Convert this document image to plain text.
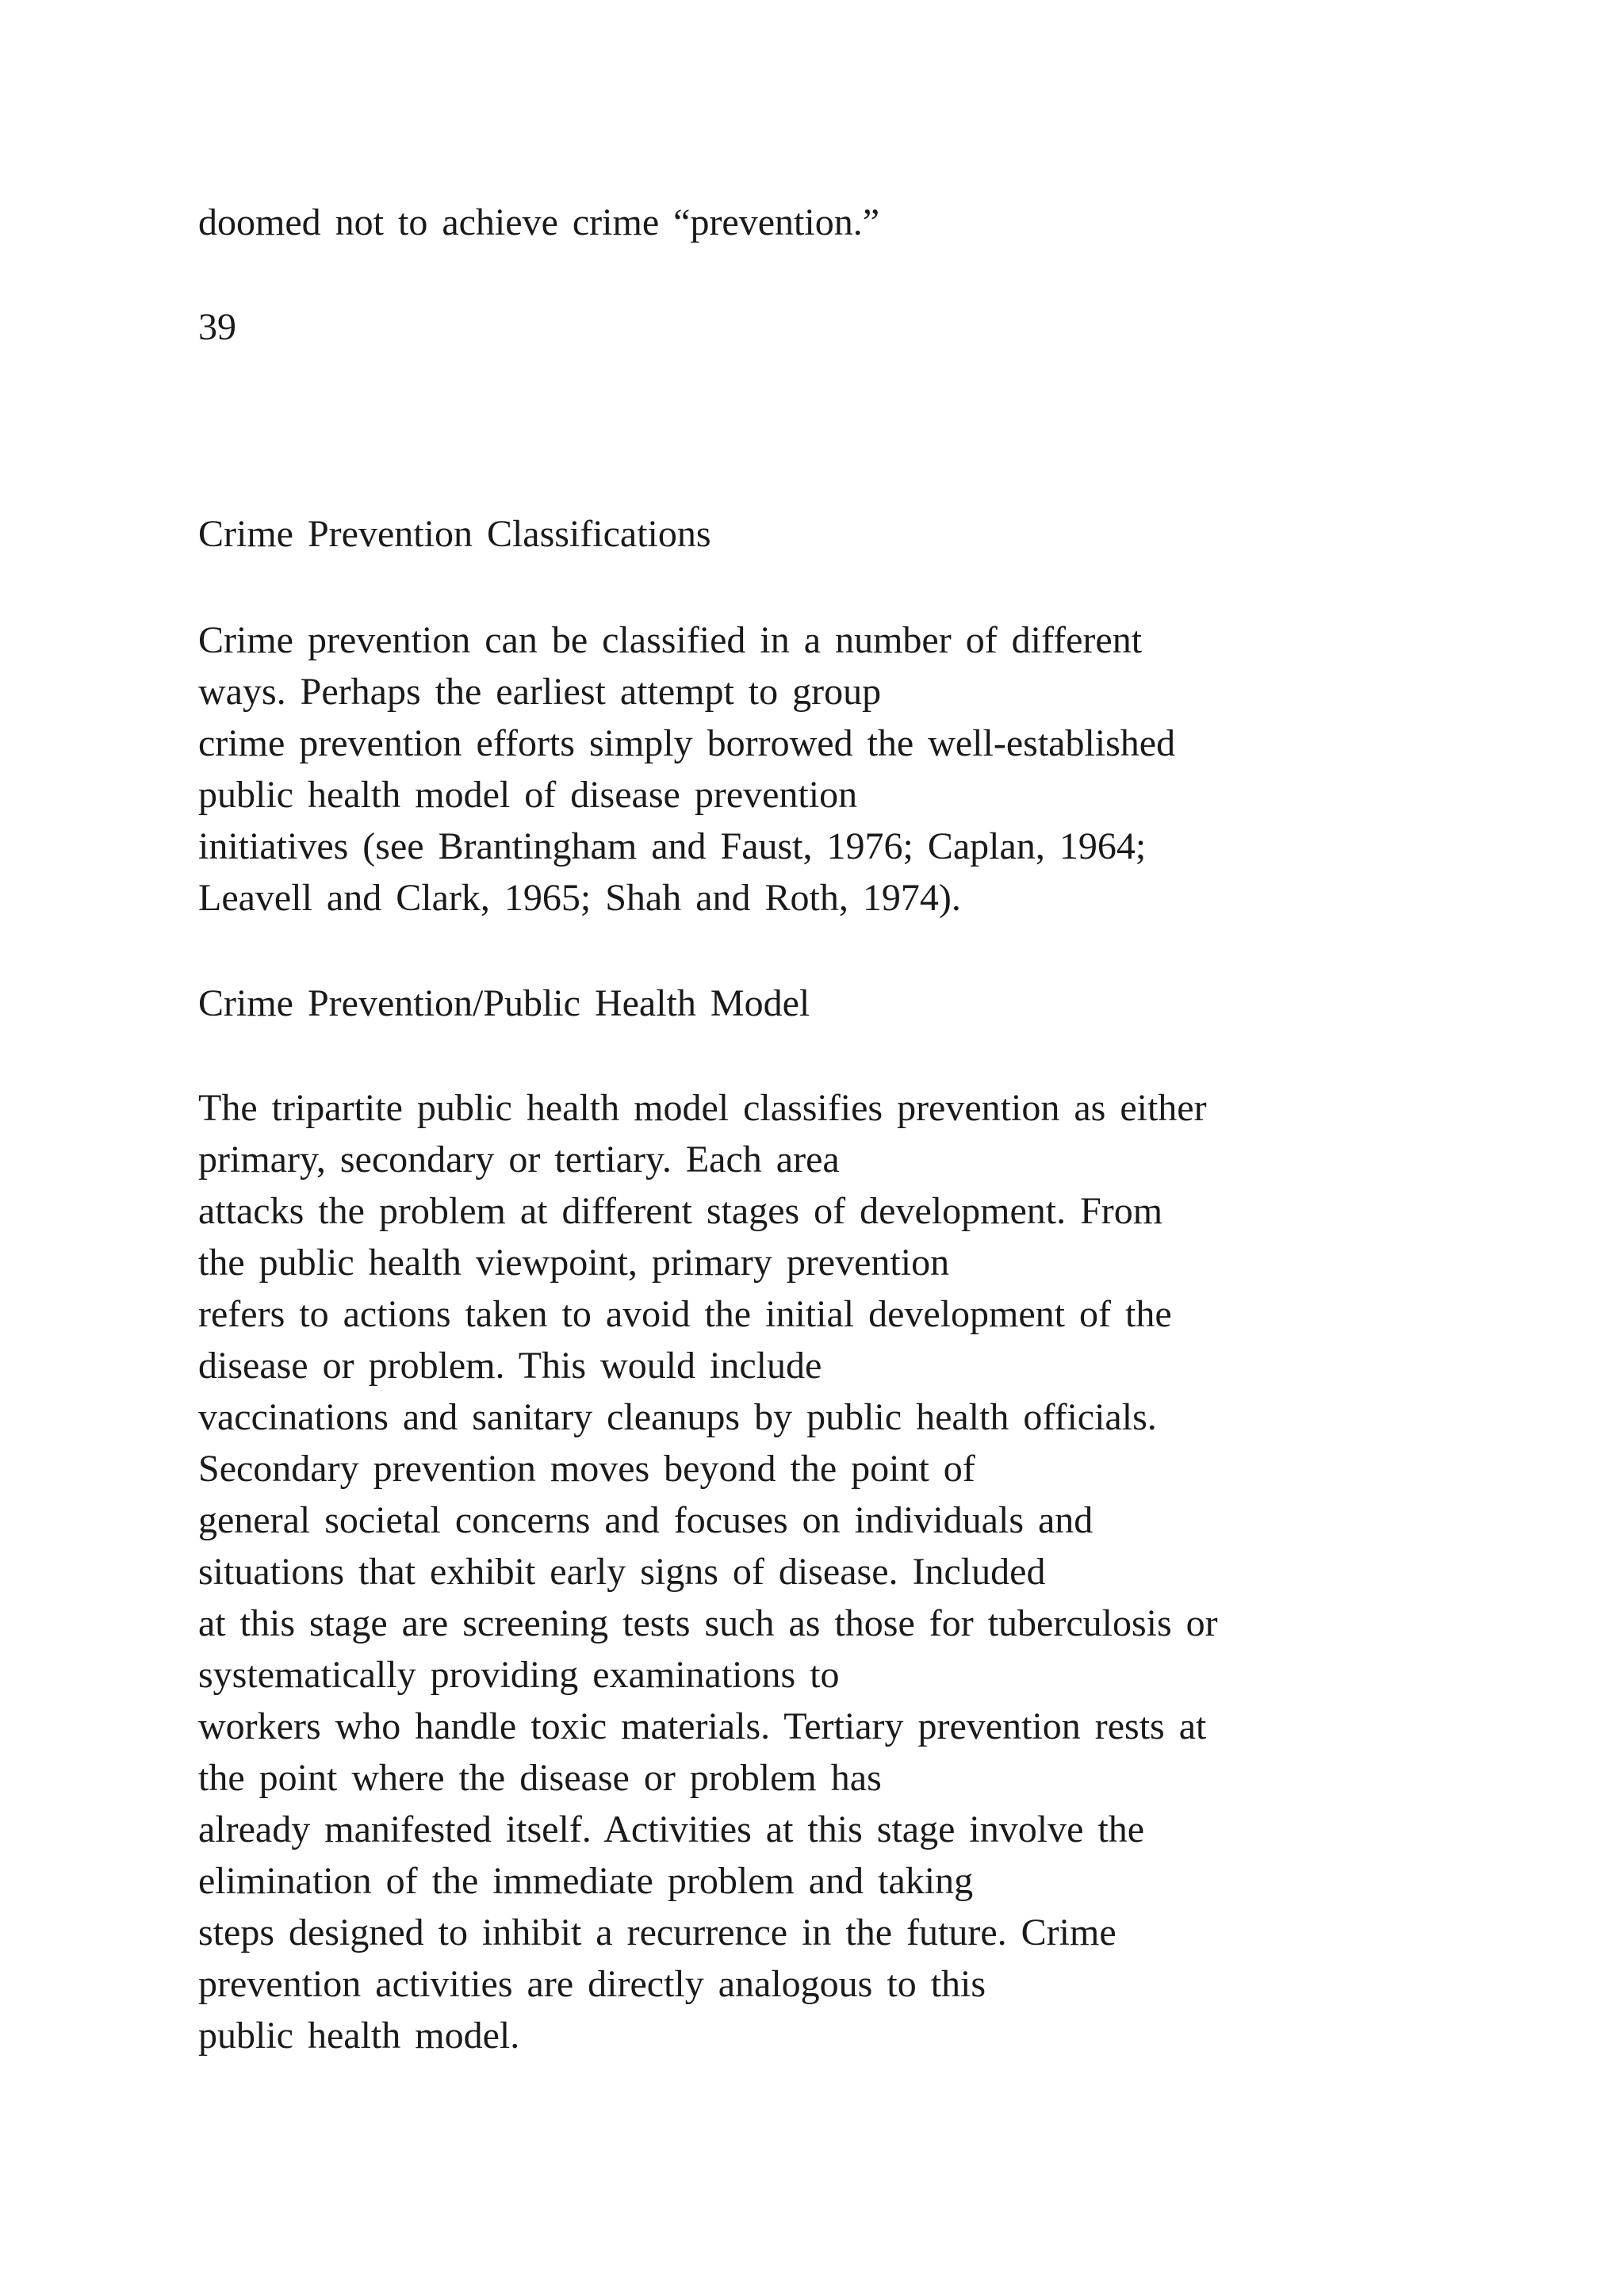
doomed not to achieve crime “prevention.”
39
Crime Prevention Classifications
Crime prevention can be classified in a number of different
ways. Perhaps the earliest attempt to group
crime prevention efforts simply borrowed the well-established
public health model of disease prevention
initiatives (see Brantingham and Faust, 1976; Caplan, 1964;
Leavell and Clark, 1965; Shah and Roth, 1974).
Crime Prevention/Public Health Model
The tripartite public health model classifies prevention as either
primary, secondary or tertiary. Each area
attacks the problem at different stages of development. From
the public health viewpoint, primary prevention
refers to actions taken to avoid the initial development of the
disease or problem. This would include
vaccinations and sanitary cleanups by public health officials.
Secondary prevention moves beyond the point of
general societal concerns and focuses on individuals and
situations that exhibit early signs of disease. Included
at this stage are screening tests such as those for tuberculosis or
systematically providing examinations to
workers who handle toxic materials. Tertiary prevention rests at
the point where the disease or problem has
already manifested itself. Activities at this stage involve the
elimination of the immediate problem and taking
steps designed to inhibit a recurrence in the future. Crime
prevention activities are directly analogous to this
public health model.
